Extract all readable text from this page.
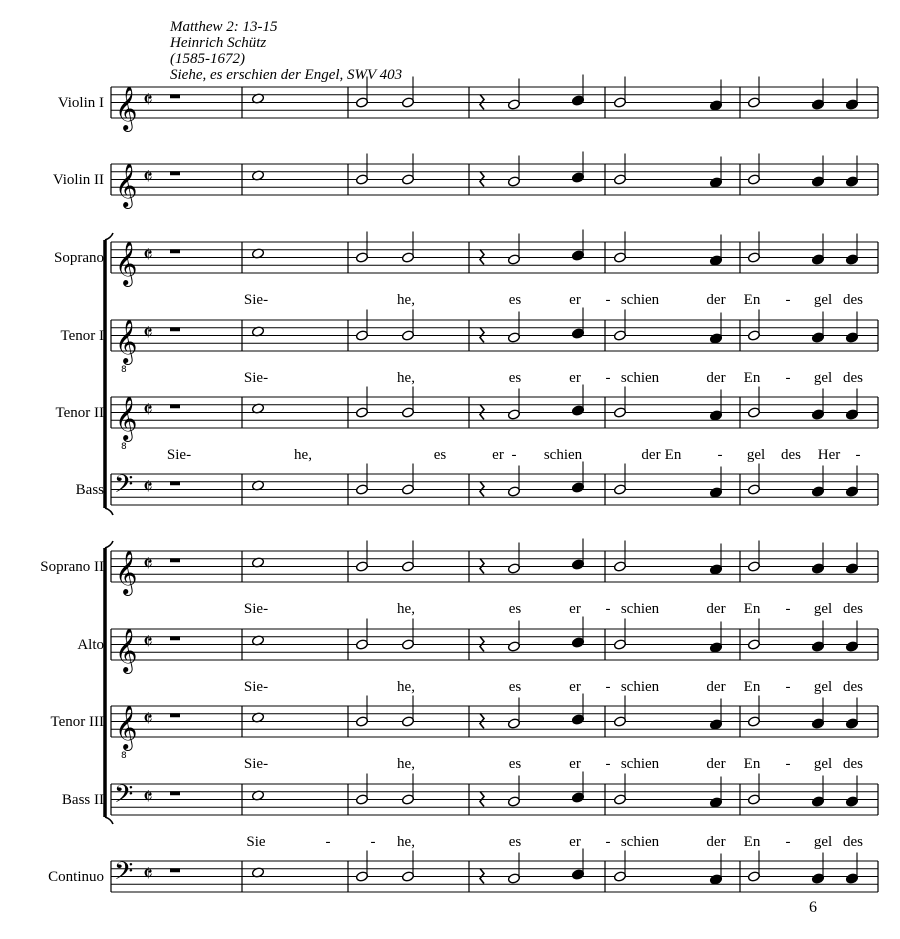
Matthew 2: 13-15
Heinrich Schütz
(1585-1672)
Siehe, es erschien der Engel, SWV 403
𝄞 𝄵
𝄞 𝄵
𝄞 𝄵
𝄞
8
𝄵
𝄞
8
𝄵
𝄢 𝄵
𝄞 𝄵
𝄞 𝄵
𝄞
8
𝄵
𝄢 𝄵
𝄢 𝄵
Violin I
Violin II
Soprano
Tenor I
Tenor II
Bass
Soprano II
Alto
Tenor III
Bass II
Continuo
Sie-	he,	es	er - schien	der En - gel des
Sie-	he,	es	er - schien	der En - gel des
Sie-	he,	es	er - schien	der En - gel des Her -
Sie-	he,	es	er - schien	der En - gel des
Sie-	he,	es	er - schien	der En - gel des
Sie-	he,	es	er - schien	der En - gel des
Sie	-	- he,	es	er - schien	der En - gel des
6
